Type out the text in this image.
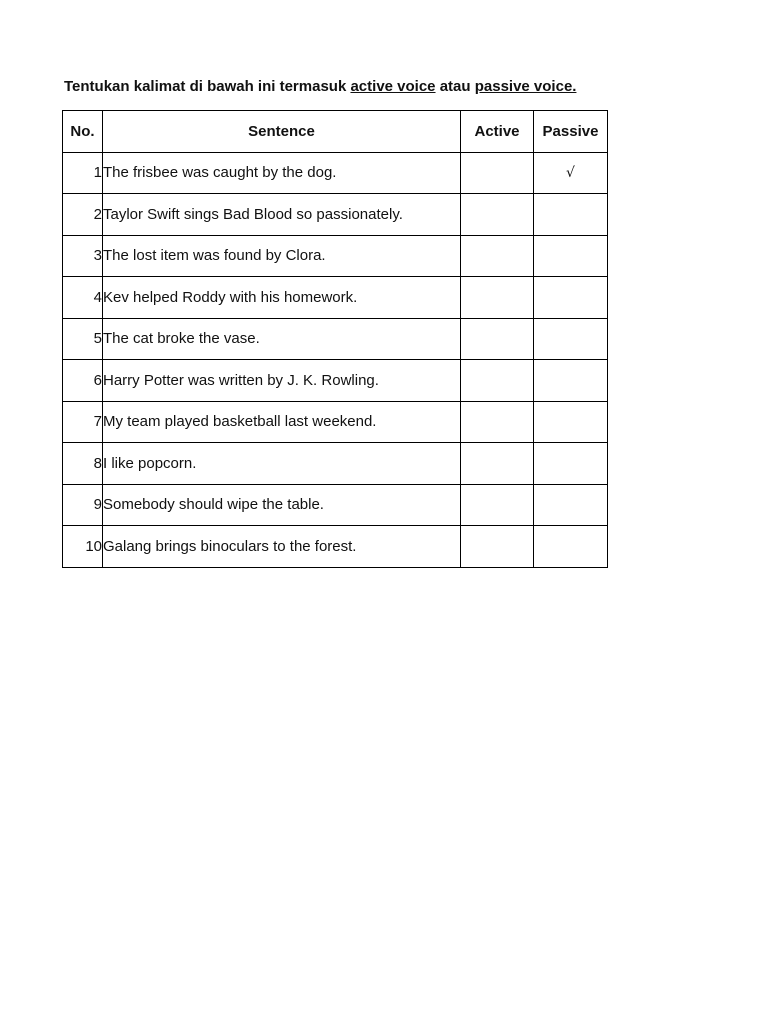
Tentukan kalimat di bawah ini termasuk active voice atau passive voice.
No.	Sentence	Active	Passive
1	The frisbee was caught by the dog.		√
2	Taylor Swift sings Bad Blood so passionately.		
3	The lost item was found by Clora.		
4	Kev helped Roddy with his homework.		
5	The cat broke the vase.		
6	Harry Potter was written by J. K. Rowling.		
7	My team played basketball last weekend.		
8	I like popcorn.		
9	Somebody should wipe the table.		
10	Galang brings binoculars to the forest.		
